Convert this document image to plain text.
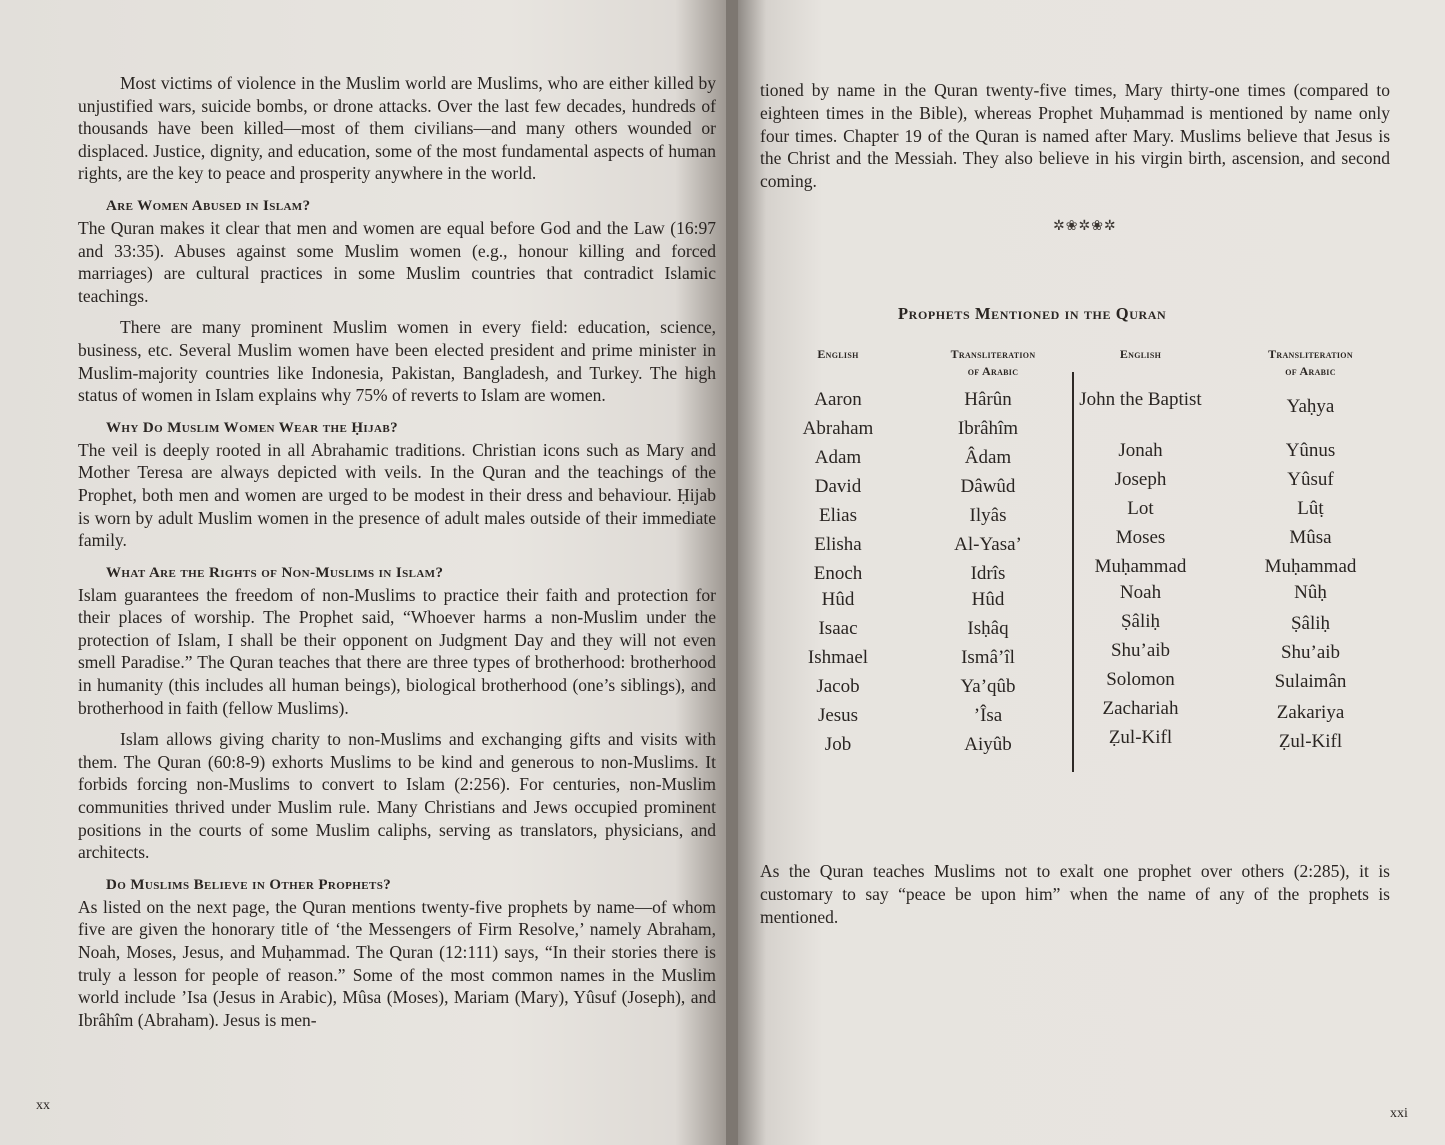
Most victims of violence in the Muslim world are Muslims, who are either killed by unjustified wars, suicide bombs, or drone attacks. Over the last few decades, hundreds of thousands have been killed—most of them civilians—and many others wounded or displaced. Justice, dignity, and education, some of the most fundamental aspects of human rights, are the key to peace and prosperity anywhere in the world.

Are Women Abused in Islam?

The Quran makes it clear that men and women are equal before God and the Law (16:97 and 33:35). Abuses against some Muslim women (e.g., honour killing and forced marriages) are cultural practices in some Muslim countries that contradict Islamic teachings.

There are many prominent Muslim women in every field: education, science, business, etc. Several Muslim women have been elected president and prime minister in Muslim-majority countries like Indonesia, Pakistan, Bangladesh, and Turkey. The high status of women in Islam explains why 75% of reverts to Islam are women.

Why Do Muslim Women Wear the Ḥijab?

The veil is deeply rooted in all Abrahamic traditions. Christian icons such as Mary and Mother Teresa are always depicted with veils. In the Quran and the teachings of the Prophet, both men and women are urged to be modest in their dress and behaviour. Ḥijab is worn by adult Muslim women in the presence of adult males outside of their immediate family.

What Are the Rights of Non-Muslims in Islam?

Islam guarantees the freedom of non-Muslims to practice their faith and protection for their places of worship. The Prophet said, “Whoever harms a non-Muslim under the protection of Islam, I shall be their opponent on Judgment Day and they will not even smell Paradise.” The Quran teaches that there are three types of brotherhood: brotherhood in humanity (this includes all human beings), biological brotherhood (one’s siblings), and brotherhood in faith (fellow Muslims).

Islam allows giving charity to non-Muslims and exchanging gifts and visits with them. The Quran (60:8-9) exhorts Muslims to be kind and generous to non-Muslims. It forbids forcing non-Muslims to convert to Islam (2:256). For centuries, non-Muslim communities thrived under Muslim rule. Many Christians and Jews occupied prominent positions in the courts of some Muslim caliphs, serving as translators, physicians, and architects.

Do Muslims Believe in Other Prophets?

As listed on the next page, the Quran mentions twenty-five prophets by name—of whom five are given the honorary title of ‘the Messengers of Firm Resolve,’ namely Abraham, Noah, Moses, Jesus, and Muḥammad. The Quran (12:111) says, “In their stories there is truly a lesson for people of reason.” Some of the most common names in the Muslim world include ’Isa (Jesus in Arabic), Mûsa (Moses), Mariam (Mary), Yûsuf (Joseph), and Ibrâhîm (Abraham). Jesus is men-

xx

tioned by name in the Quran twenty-five times, Mary thirty-one times (compared to eighteen times in the Bible), whereas Prophet Muḥammad is mentioned by name only four times. Chapter 19 of the Quran is named after Mary. Muslims believe that Jesus is the Christ and the Messiah. They also believe in his virgin birth, ascension, and second coming.

✲❀✲❀✲
Prophets Mentioned in the Quran
English	Transliteration
of Arabic
English	Transliteration
of Arabic
Aaron
Abraham
Adam
David
Elias
Elisha
Enoch
Hûd
Isaac
Ishmael
Jacob
Jesus
Job
Hârûn
Ibrâhîm
Âdam
Dâwûd
Ilyâs
Al-Yasa’
Idrîs
Hûd
Isḥâq
Ismâ’îl
Ya’qûb
’Îsa
Aiyûb
John the Baptist
Jonah
Joseph
Lot
Moses
Muḥammad
Noah
Ṣâliḥ
Shu’aib
Solomon
Zachariah
Ẓul-Kifl
Yaḥya
Yûnus
Yûsuf
Lûṭ
Mûsa
Muḥammad
Nûḥ
Ṣâliḥ
Shu’aib
Sulaimân
Zakariya
Ẓul-Kifl

As the Quran teaches Muslims not to exalt one prophet over others (2:285), it is customary to say “peace be upon him” when the name of any of the prophets is mentioned.

xxi
